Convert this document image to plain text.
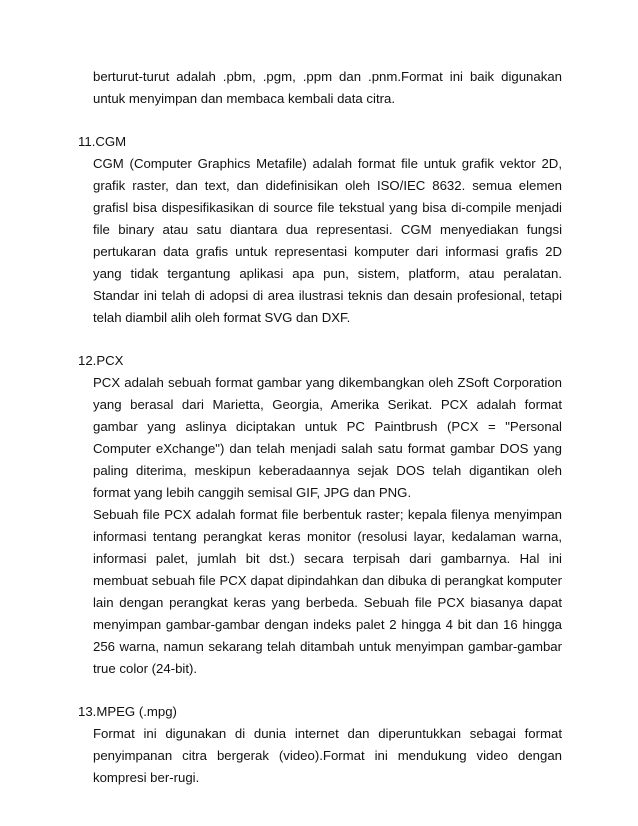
berturut-turut adalah .pbm, .pgm, .ppm dan .pnm.Format ini baik digunakan untuk menyimpan dan membaca kembali data citra.

11.CGM

CGM (Computer Graphics Metafile) adalah format file untuk grafik vektor 2D, grafik raster, dan text, dan didefinisikan oleh ISO/IEC 8632. semua elemen grafisl bisa dispesifikasikan di source file tekstual yang bisa di-compile menjadi file binary atau satu diantara dua representasi. CGM menyediakan fungsi pertukaran data grafis untuk representasi komputer dari informasi grafis 2D yang tidak tergantung aplikasi apa pun, sistem, platform, atau peralatan. Standar ini telah di adopsi di area ilustrasi teknis dan desain profesional, tetapi telah diambil alih oleh format SVG dan DXF.

12.PCX

PCX adalah sebuah format gambar yang dikembangkan oleh ZSoft Corporation yang berasal dari Marietta, Georgia, Amerika Serikat. PCX adalah format gambar yang aslinya diciptakan untuk PC Paintbrush (PCX = "Personal Computer eXchange") dan telah menjadi salah satu format gambar DOS yang paling diterima, meskipun keberadaannya sejak DOS telah digantikan oleh format yang lebih canggih semisal GIF, JPG dan PNG.

Sebuah file PCX adalah format file berbentuk raster; kepala filenya menyimpan informasi tentang perangkat keras monitor (resolusi layar, kedalaman warna, informasi palet, jumlah bit dst.) secara terpisah dari gambarnya. Hal ini membuat sebuah file PCX dapat dipindahkan dan dibuka di perangkat komputer lain dengan perangkat keras yang berbeda. Sebuah file PCX biasanya dapat menyimpan gambar-gambar dengan indeks palet 2 hingga 4 bit dan 16 hingga 256 warna, namun sekarang telah ditambah untuk menyimpan gambar-gambar true color (24-bit).

13.MPEG (.mpg)

Format ini digunakan di dunia internet dan diperuntukkan sebagai format penyimpanan citra bergerak (video).Format ini mendukung video dengan kompresi ber-rugi.
